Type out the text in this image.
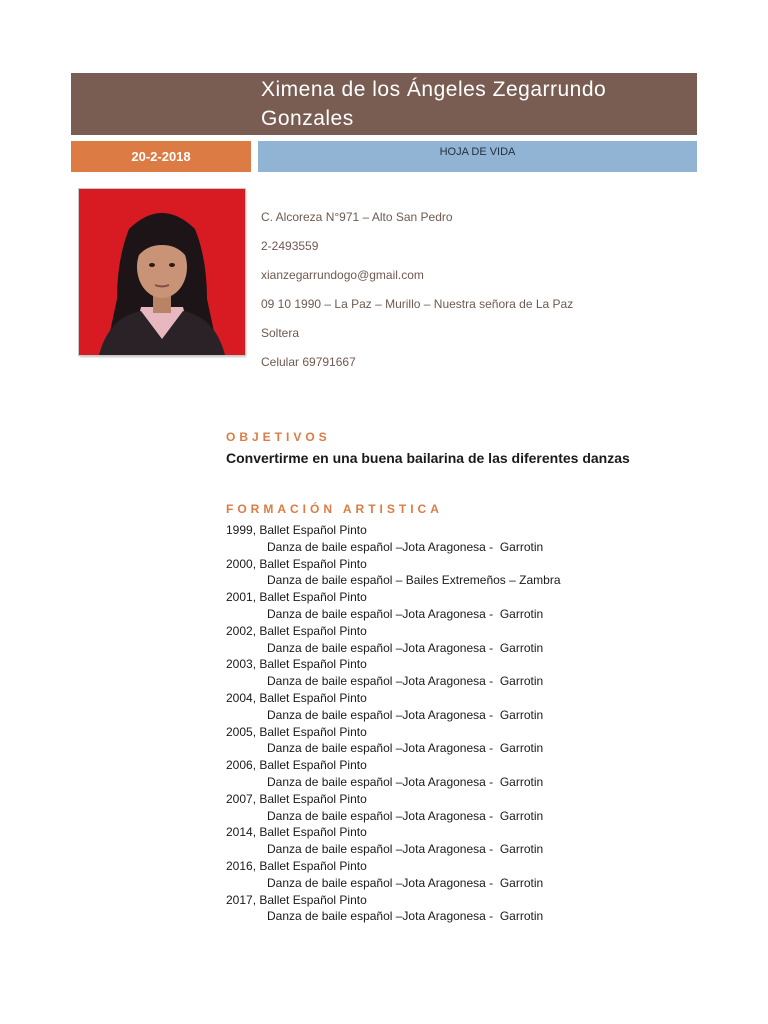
Ximena de los Ángeles Zegarrundo
Gonzales
20-2-2018	HOJA DE VIDA
C. Alcoreza N°971 – Alto San Pedro
2-2493559
xianzegarrundogo@gmail.com
09 10 1990 – La Paz – Murillo – Nuestra señora de La Paz
Soltera
Celular 69791667
OBJETIVOS
Convertirme en una buena bailarina de las diferentes danzas
FORMACIÓN ARTISTICA
1999, Ballet Español Pinto
Danza de baile español –Jota Aragonesa -  Garrotin
2000, Ballet Español Pinto
Danza de baile español – Bailes Extremeños – Zambra
2001, Ballet Español Pinto
Danza de baile español –Jota Aragonesa -  Garrotin
2002, Ballet Español Pinto
Danza de baile español –Jota Aragonesa -  Garrotin
2003, Ballet Español Pinto
Danza de baile español –Jota Aragonesa -  Garrotin
2004, Ballet Español Pinto
Danza de baile español –Jota Aragonesa -  Garrotin
2005, Ballet Español Pinto
Danza de baile español –Jota Aragonesa -  Garrotin
2006, Ballet Español Pinto
Danza de baile español –Jota Aragonesa -  Garrotin
2007, Ballet Español Pinto
Danza de baile español –Jota Aragonesa -  Garrotin
2014, Ballet Español Pinto
Danza de baile español –Jota Aragonesa -  Garrotin
2016, Ballet Español Pinto
Danza de baile español –Jota Aragonesa -  Garrotin
2017, Ballet Español Pinto
Danza de baile español –Jota Aragonesa -  Garrotin
